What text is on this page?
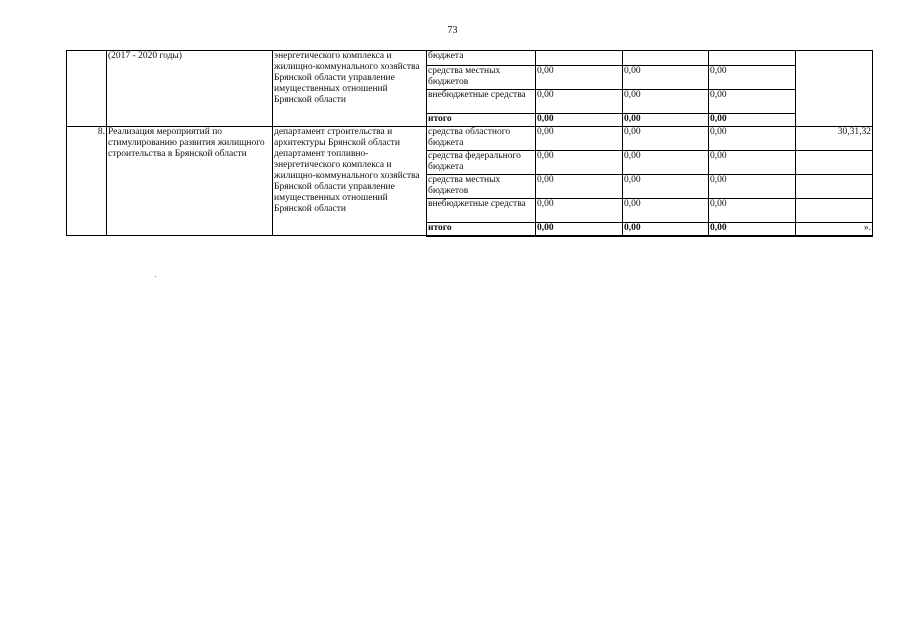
73
	(2017 - 2020 годы)	энергетического комплекса и жилищно-коммунального хозяйства Брянской области управление имущественных отношений Брянской области	бюджета				
			средства местных бюджетов	0,00	0,00	0,00	
			внебюджетные средства	0,00	0,00	0,00	
			итого	0,00	0,00	0,00	
8.	Реализация мероприятий по стимулированию развития жилищного строительства в Брянской области	департамент строительства и архитектуры Брянской области департамент топливно-энергетического комплекса и жилищно-коммунального хозяйства Брянской области управление имущественных отношений Брянской области	средства областного бюджета	0,00	0,00	0,00	30,31,32
			средства федерального бюджета	0,00	0,00	0,00	
			средства местных бюджетов	0,00	0,00	0,00	
			внебюджетные средства	0,00	0,00	0,00	
			итого	0,00	0,00	0,00	».
